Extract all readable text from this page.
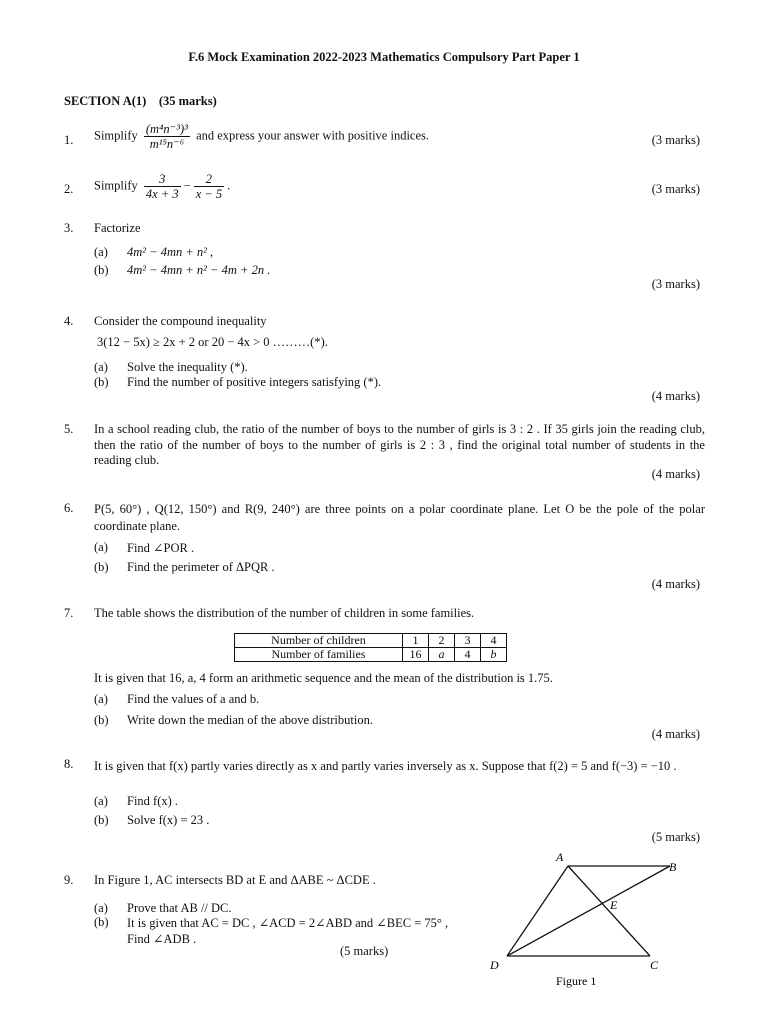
F.6 Mock Examination 2022-2023 Mathematics Compulsory Part Paper 1
SECTION A(1) (35 marks)
1. Simplify $\frac{\text{(m⁴n⁻³)³}}{\text{m¹⁵n⁻⁶}}$ and express your answer with positive indices.	(3 marks)
2. Simplify $\frac{3}{4x + 3} - \frac{2}{x - 5}$ .	(3 marks)
3. Factorize
(a) 4m² − 4mn + n² ,
(b) 4m² − 4mn + n² − 4m + 2n .
(3 marks)
4. Consider the compound inequality
3(12 − 5x) ≥ 2x + 2 or 20 − 4x > 0 ………(*).
(a) Solve the inequality (*).
(b) Find the number of positive integers satisfying (*).
(4 marks)
5. In a school reading club, the ratio of the number of boys to the number of girls is 3 : 2 . If 35 girls join the reading club, then the ratio of the number of boys to the number of girls is 2 : 3 , find the original total number of students in the reading club.
(4 marks)
6. P(5, 60°) , Q(12, 150°) and R(9, 240°) are three points on a polar coordinate plane. Let O be the pole of the polar coordinate plane.
(a) Find ∠POR .
(b) Find the perimeter of ΔPQR .
(4 marks)
7. The table shows the distribution of the number of children in some families.
Number of children	1	2	3	4
Number of families	16	a	4	b
It is given that 16, a, 4 form an arithmetic sequence and the mean of the distribution is 1.75.
(a) Find the values of a and b.
(b) Write down the median of the above distribution.
(4 marks)
8. It is given that f(x) partly varies directly as x and partly varies inversely as x. Suppose that f(2) = 5 and f(−3) = −10 .
(a) Find f(x) .
(b) Solve f(x) = 23 .
(5 marks)
9. In Figure 1, AC intersects BD at E and ΔABE ~ ΔCDE .
(a) Prove that AB // DC.
(b) It is given that AC = DC , ∠ACD = 2∠ABD and ∠BEC = 75° ,
Find ∠ADB .
(5 marks)
A
B
E
D	C
Figure 1
